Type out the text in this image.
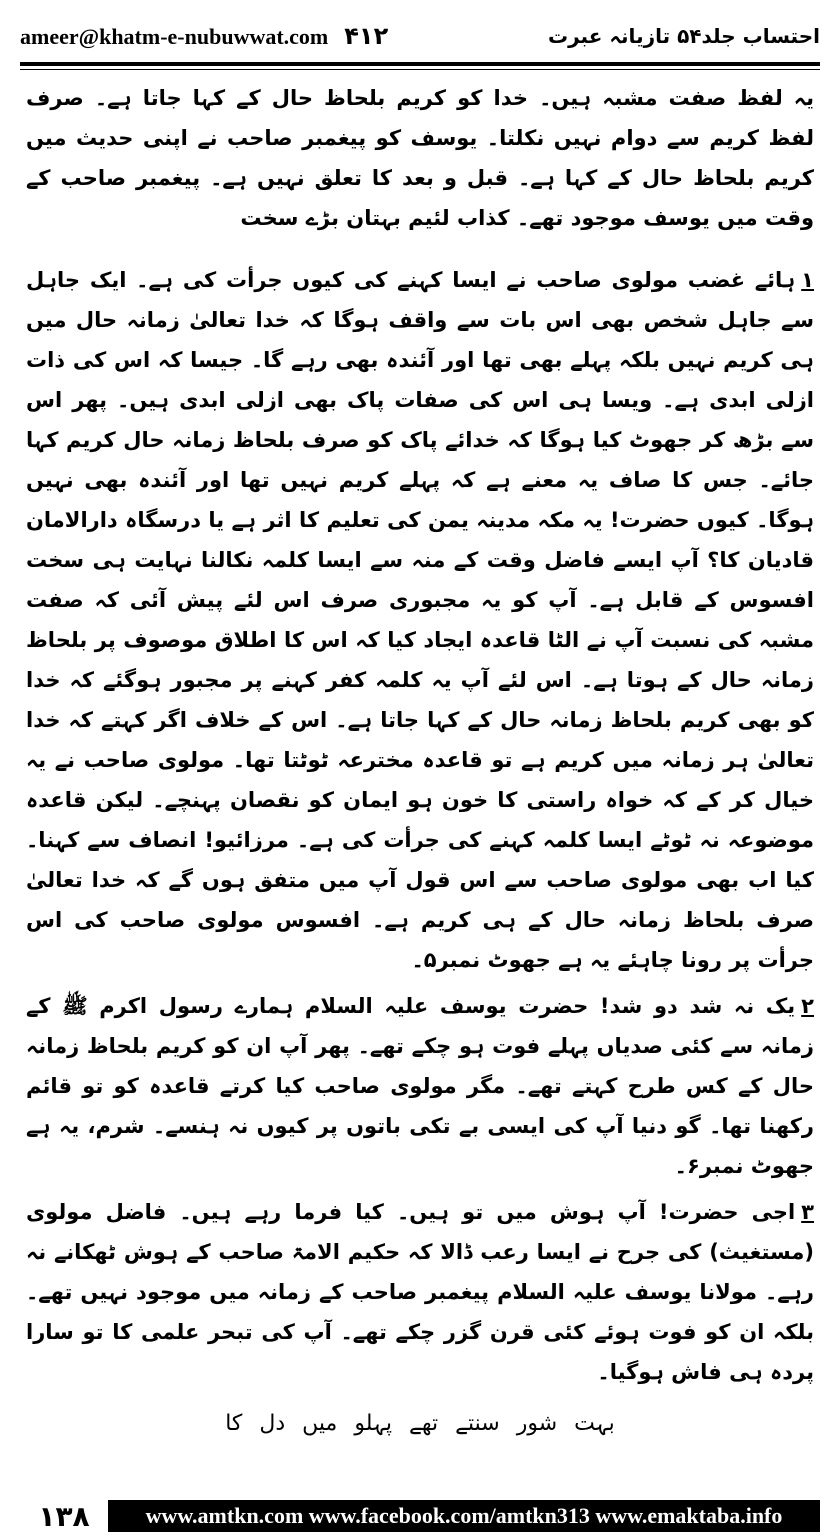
ameer@khatm-e-nubuwwat.com ۴۱۲	احتساب جلد۵۴ تازیانہ عبرت

یہ لفظ صفت مشبہ ہیں۔ خدا کو کریم بلحاظ حال کے کہا جاتا ہے۔ صرف لفظ کریم سے دوام نہیں نکلتا۔ یوسف کو پیغمبر صاحب نے اپنی حدیث میں کریم بلحاظ حال کے کہا ہے۔ قبل و بعد کا تعلق نہیں ہے۔ پیغمبر صاحب کے وقت میں یوسف موجود تھے۔ کذاب لئیم بہتان بڑے سخت

۱ہائے غضب مولوی صاحب نے ایسا کہنے کی کیوں جرأت کی ہے۔ ایک جاہل سے جاہل شخص بھی اس بات سے واقف ہوگا کہ خدا تعالیٰ زمانہ حال میں ہی کریم نہیں بلکہ پہلے بھی تھا اور آئندہ بھی رہے گا۔ جیسا کہ اس کی ذات ازلی ابدی ہے۔ ویسا ہی اس کی صفات پاک بھی ازلی ابدی ہیں۔ پھر اس سے بڑھ کر جھوٹ کیا ہوگا کہ خدائے پاک کو صرف بلحاظ زمانہ حال کریم کہا جائے۔ جس کا صاف یہ معنے ہے کہ پہلے کریم نہیں تھا اور آئندہ بھی نہیں ہوگا۔ کیوں حضرت! یہ مکہ مدینہ یمن کی تعلیم کا اثر ہے یا درسگاہ دارالامان قادیان کا؟ آپ ایسے فاضل وقت کے منہ سے ایسا کلمہ نکالنا نہایت ہی سخت افسوس کے قابل ہے۔ آپ کو یہ مجبوری صرف اس لئے پیش آئی کہ صفت مشبہ کی نسبت آپ نے الٹا قاعدہ ایجاد کیا کہ اس کا اطلاق موصوف پر بلحاظ زمانہ حال کے ہوتا ہے۔ اس لئے آپ یہ کلمہ کفر کہنے پر مجبور ہوگئے کہ خدا کو بھی کریم بلحاظ زمانہ حال کے کہا جاتا ہے۔ اس کے خلاف اگر کہتے کہ خدا تعالیٰ ہر زمانہ میں کریم ہے تو قاعدہ مخترعہ ٹوٹتا تھا۔ مولوی صاحب نے یہ خیال کر کے کہ خواہ راستی کا خون ہو ایمان کو نقصان پہنچے۔ لیکن قاعدہ موضوعہ نہ ٹوٹے ایسا کلمہ کہنے کی جرأت کی ہے۔ مرزائیو! انصاف سے کہنا۔ کیا اب بھی مولوی صاحب سے اس قول آپ میں متفق ہوں گے کہ خدا تعالیٰ صرف بلحاظ زمانہ حال کے ہی کریم ہے۔ افسوس مولوی صاحب کی اس جرأت پر رونا چاہئے یہ ہے جھوٹ نمبر۵۔

۲یک نہ شد دو شد! حضرت یوسف علیہ السلام ہمارے رسول اکرم ﷺ کے زمانہ سے کئی صدیاں پہلے فوت ہو چکے تھے۔ پھر آپ ان کو کریم بلحاظ زمانہ حال کے کس طرح کہتے تھے۔ مگر مولوی صاحب کیا کرتے قاعدہ کو تو قائم رکھنا تھا۔ گو دنیا آپ کی ایسی بے تکی باتوں پر کیوں نہ ہنسے۔ شرم، یہ ہے جھوٹ نمبر۶۔

۳اجی حضرت! آپ ہوش میں تو ہیں۔ کیا فرما رہے ہیں۔ فاضل مولوی (مستغیث) کی جرح نے ایسا رعب ڈالا کہ حکیم الامۃ صاحب کے ہوش ٹھکانے نہ رہے۔ مولانا یوسف علیہ السلام پیغمبر صاحب کے زمانہ میں موجود نہیں تھے۔ بلکہ ان کو فوت ہوئے کئی قرن گزر چکے تھے۔ آپ کی تبحر علمی کا تو سارا پردہ ہی فاش ہوگیا۔

بہت شور سنتے تھے پہلو میں دل کا

۱۳۸	www.amtkn.com www.facebook.com/amtkn313 www.emaktaba.info
